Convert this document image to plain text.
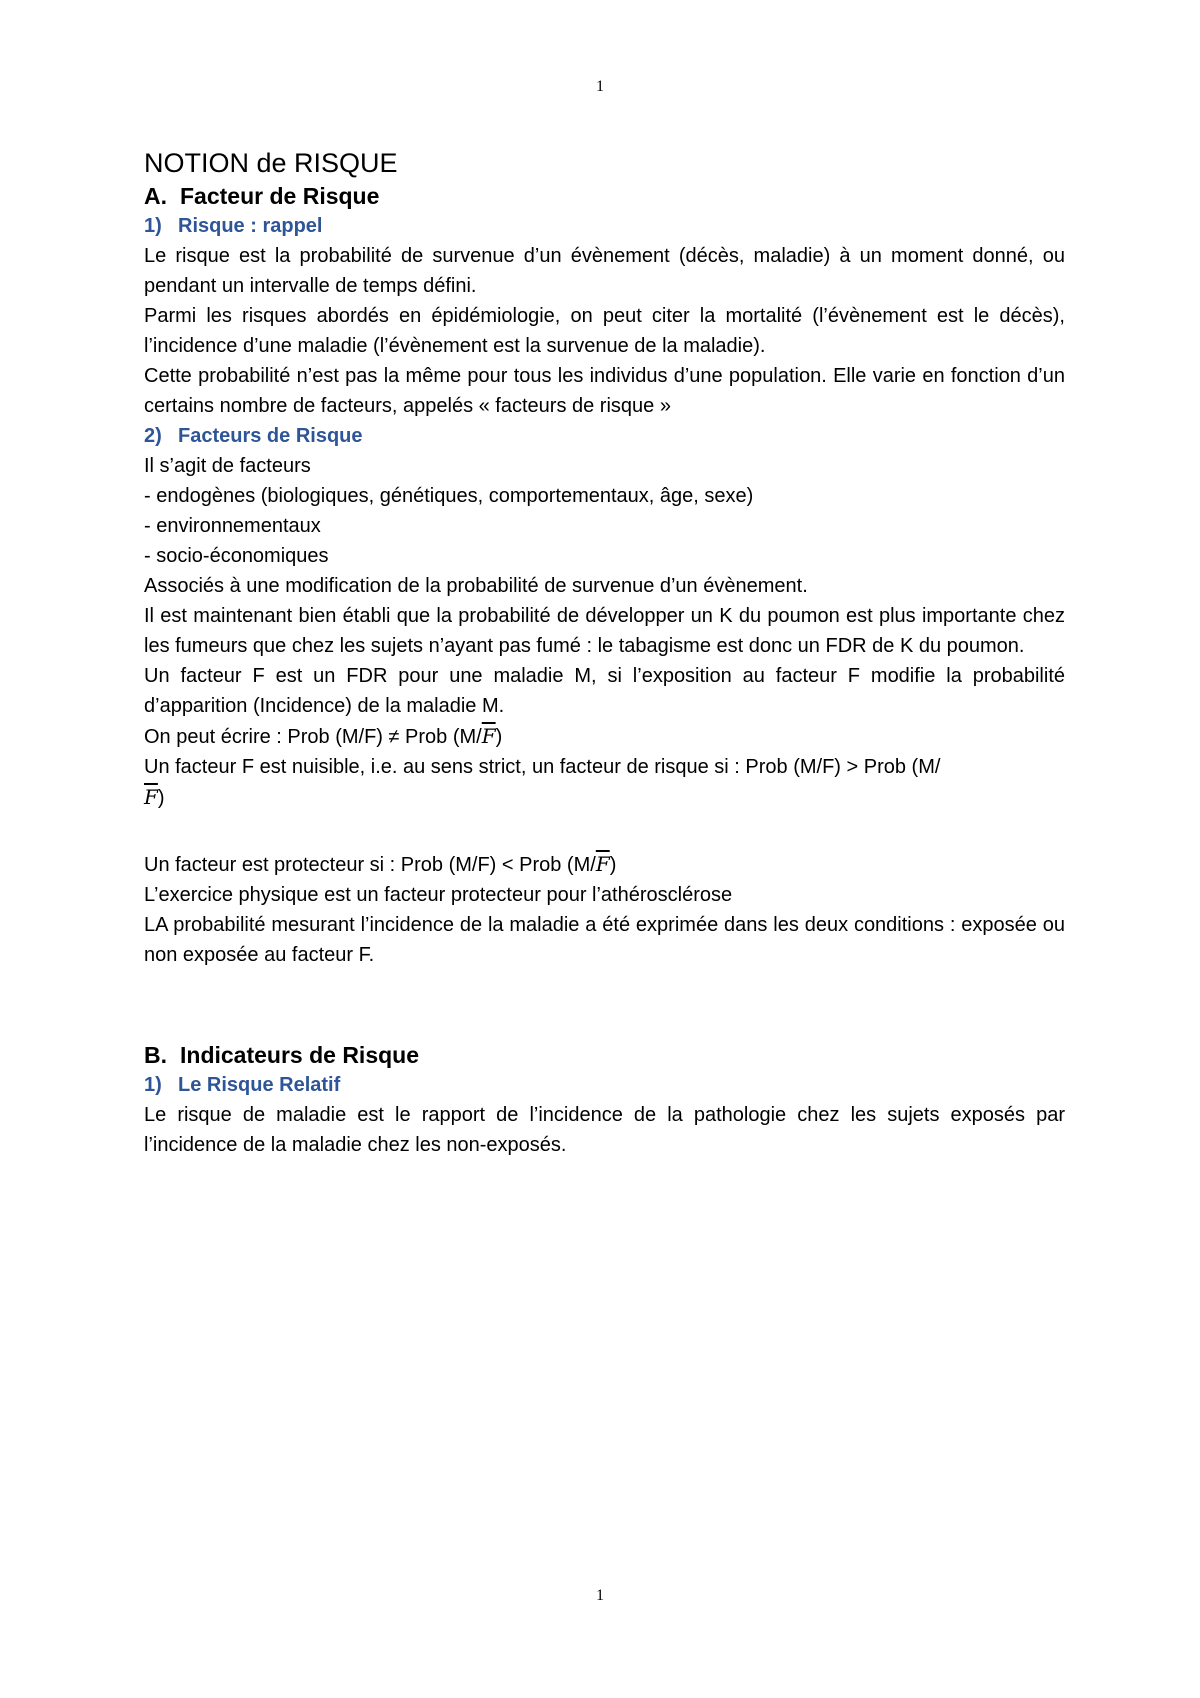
1

NOTION de RISQUE

A. Facteur de Risque

1) Risque : rappel

Le risque est la probabilité de survenue d’un évènement (décès, maladie) à un moment donné, ou pendant un intervalle de temps défini.

Parmi les risques abordés en épidémiologie, on peut citer la mortalité (l’évènement est le décès), l’incidence d’une maladie (l’évènement est la survenue de la maladie).

Cette probabilité n’est pas la même pour tous les individus d’une population. Elle varie en fonction d’un certains nombre de facteurs, appelés « facteurs de risque »

2) Facteurs de Risque

Il s’agit de facteurs

- endogènes (biologiques, génétiques, comportementaux, âge, sexe)

- environnementaux

- socio-économiques

Associés à une modification de la probabilité de survenue d’un évènement.

Il est maintenant bien établi que la probabilité de développer un K du poumon est plus importante chez les fumeurs que chez les sujets n’ayant pas fumé : le tabagisme est donc un FDR de K du poumon.

Un facteur F est un FDR pour une maladie M, si l’exposition au facteur F modifie la probabilité d’apparition (Incidence) de la maladie M.

On peut écrire : Prob (M/F) ≠ Prob $(M/\overline{F})$

Un facteur F est nuisible, i.e. au sens strict, un facteur de risque si : Prob (M/F) > Prob (M/
$\overline{F}$)

Un facteur est protecteur si : Prob (M/F) < Prob $(M/\overline{F})$

L’exercice physique est un facteur protecteur pour l’athérosclérose

LA probabilité mesurant l’incidence de la maladie a été exprimée dans les deux conditions : exposée ou non exposée au facteur F.

B. Indicateurs de Risque

1) Le Risque Relatif

Le risque de maladie est le rapport de l’incidence de la pathologie chez les sujets exposés par l’incidence de la maladie chez les non-exposés.

1
